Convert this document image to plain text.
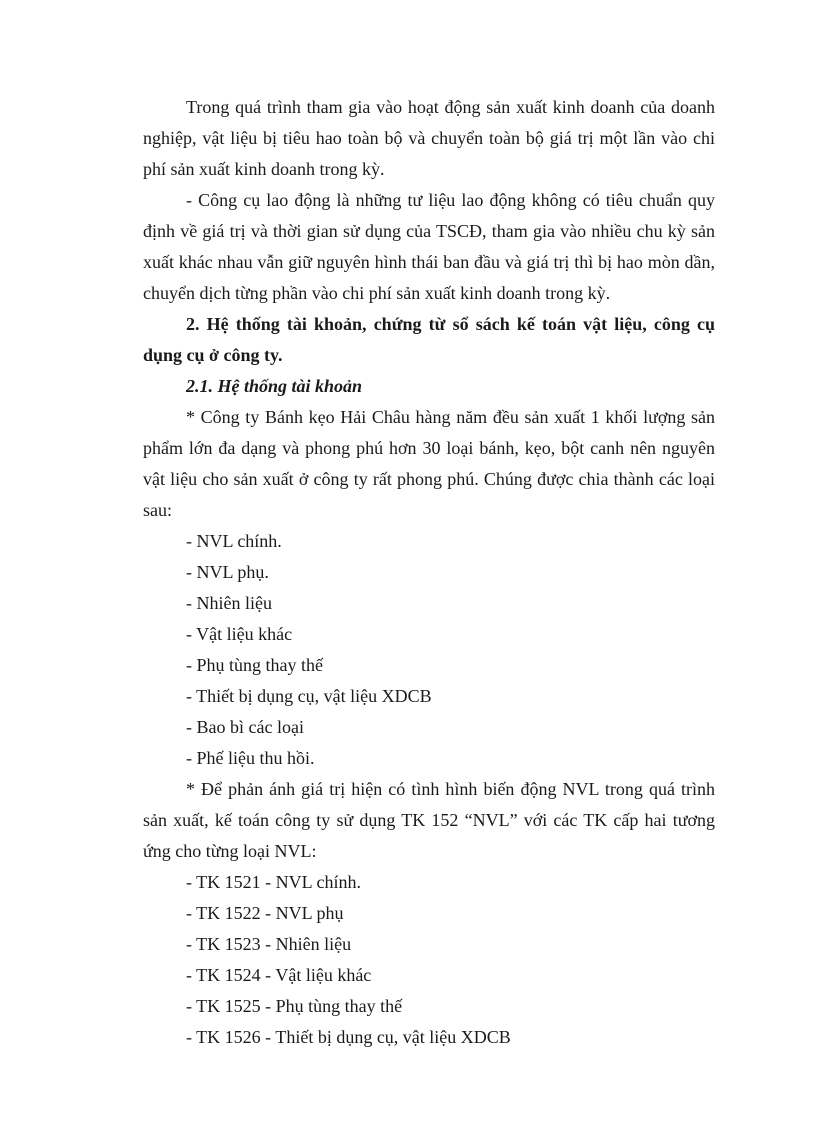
Trong quá trình tham gia vào hoạt động sản xuất kinh doanh của doanh nghiệp, vật liệu bị tiêu hao toàn bộ và chuyển toàn bộ giá trị một lần vào chi phí sản xuất kinh doanh trong kỳ.

- Công cụ lao động là những tư liệu lao động không có tiêu chuẩn quy định về giá trị và thời gian sử dụng của TSCĐ, tham gia vào nhiều chu kỳ sản xuất khác nhau vẫn giữ nguyên hình thái ban đầu và giá trị thì bị hao mòn dần, chuyển dịch từng phần vào chi phí sản xuất kinh doanh trong kỳ.

2. Hệ thống tài khoản, chứng từ sổ sách kế toán vật liệu, công cụ dụng cụ ở công ty.

2.1. Hệ thống tài khoản

* Công ty Bánh kẹo Hải Châu hàng năm đều sản xuất 1 khối lượng sản phẩm lớn đa dạng và phong phú hơn 30 loại bánh, kẹo, bột canh nên nguyên vật liệu cho sản xuất ở công ty rất phong phú. Chúng được chia thành các loại sau:

- NVL chính.

- NVL phụ.

- Nhiên liệu

- Vật liệu khác

- Phụ tùng thay thế

- Thiết bị dụng cụ, vật liệu XDCB

- Bao bì các loại

- Phế liệu thu hồi.

* Để phản ánh giá trị hiện có tình hình biến động NVL trong quá trình sản xuất, kế toán công ty sử dụng TK 152 “NVL” với các TK cấp hai tương ứng cho từng loại NVL:

- TK 1521 - NVL chính.

- TK 1522 - NVL phụ

- TK 1523 - Nhiên liệu

- TK 1524 - Vật liệu khác

- TK 1525 - Phụ tùng thay thế

- TK 1526 - Thiết bị dụng cụ, vật liệu XDCB
